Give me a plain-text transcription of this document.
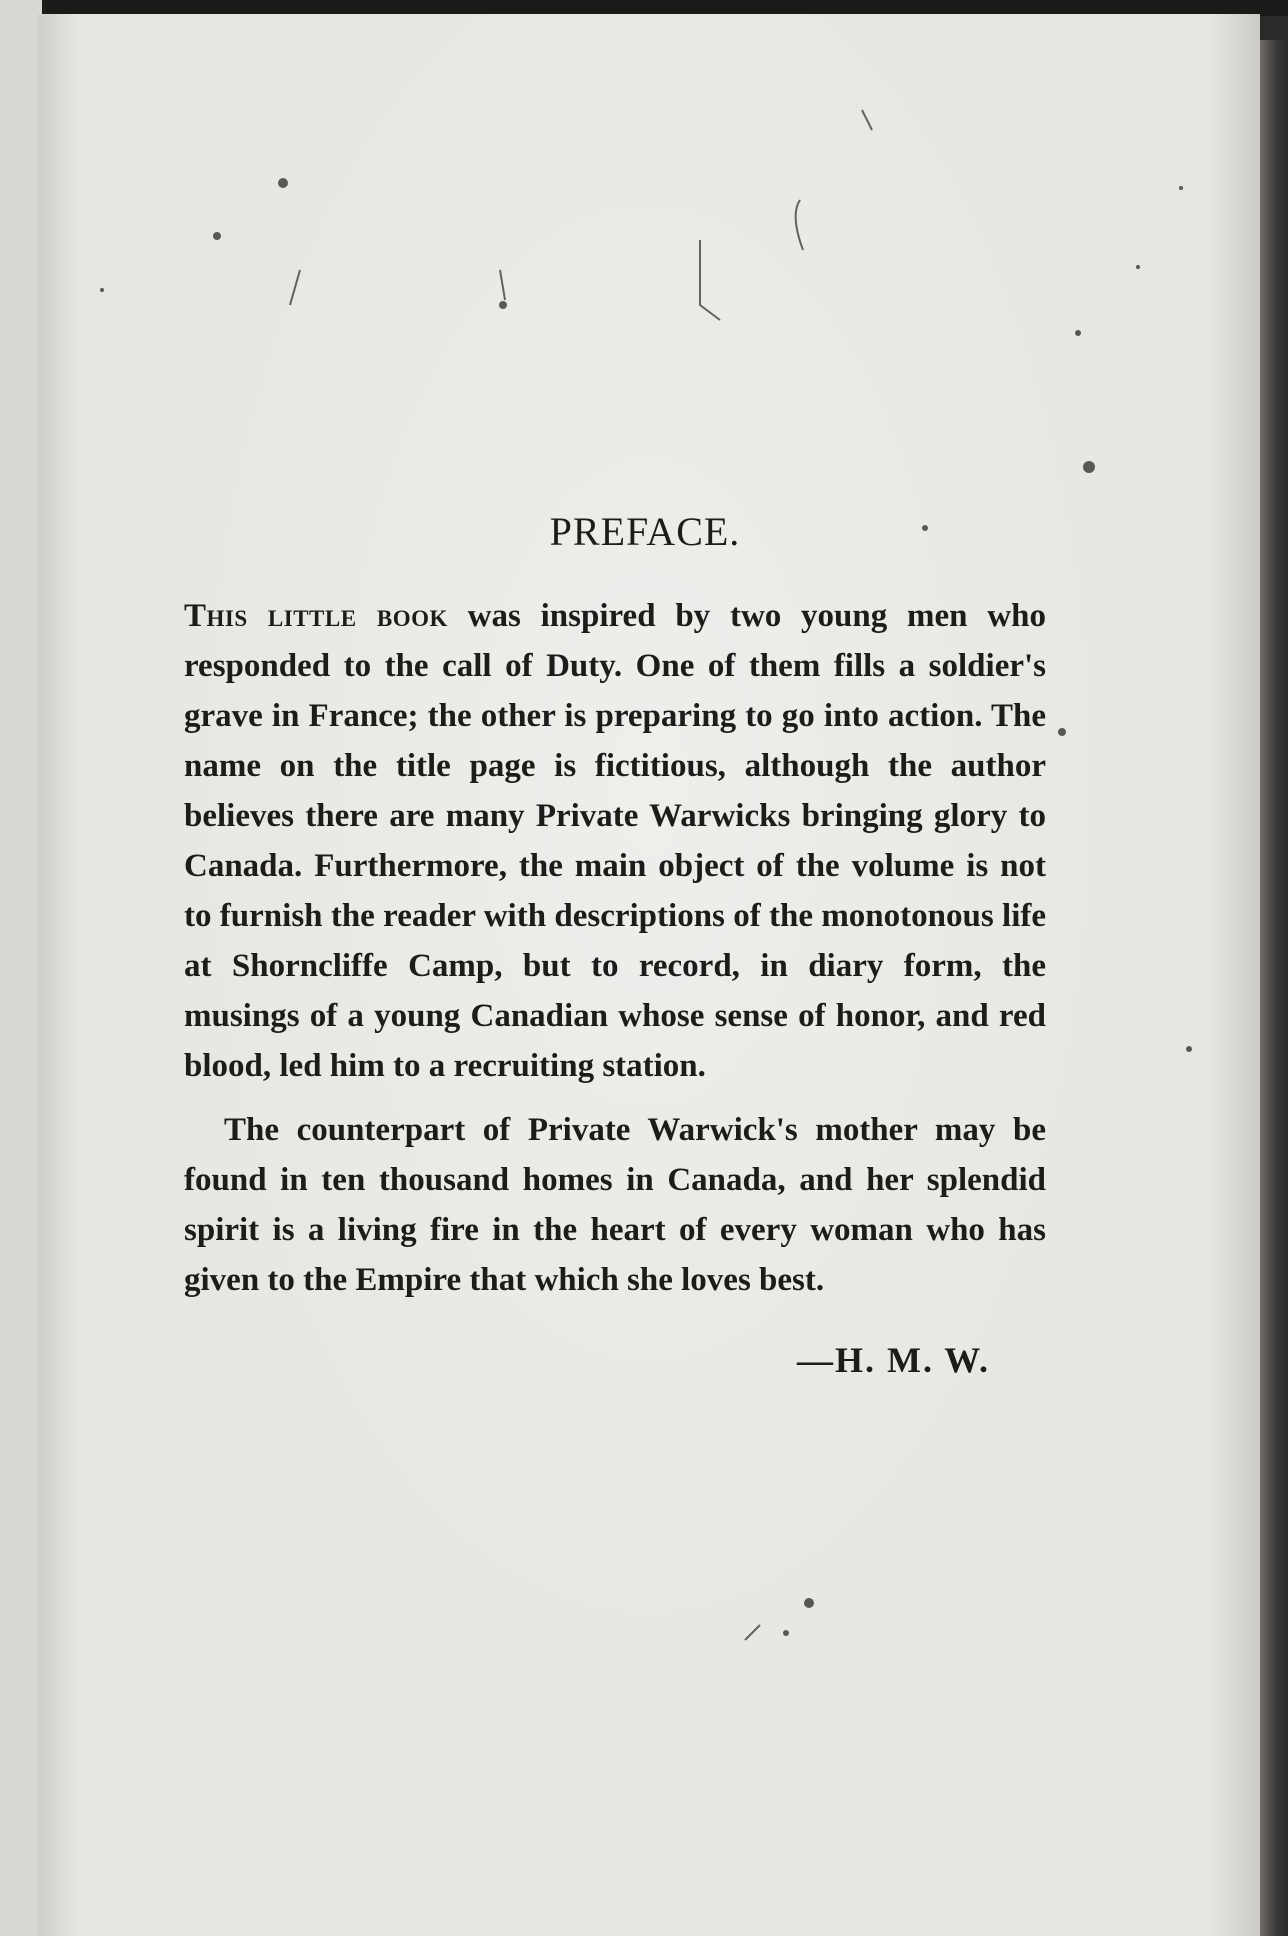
PREFACE.

This little book was inspired by two young men who responded to the call of Duty. One of them fills a soldier's grave in France; the other is preparing to go into action. The name on the title page is fictitious, although the author believes there are many Private Warwicks bringing glory to Canada. Furthermore, the main object of the volume is not to furnish the reader with descriptions of the monotonous life at Shorncliffe Camp, but to record, in diary form, the musings of a young Canadian whose sense of honor, and red blood, led him to a recruiting station.

The counterpart of Private Warwick's mother may be found in ten thousand homes in Canada, and her splendid spirit is a living fire in the heart of every woman who has given to the Empire that which she loves best.

—H. M. W.
